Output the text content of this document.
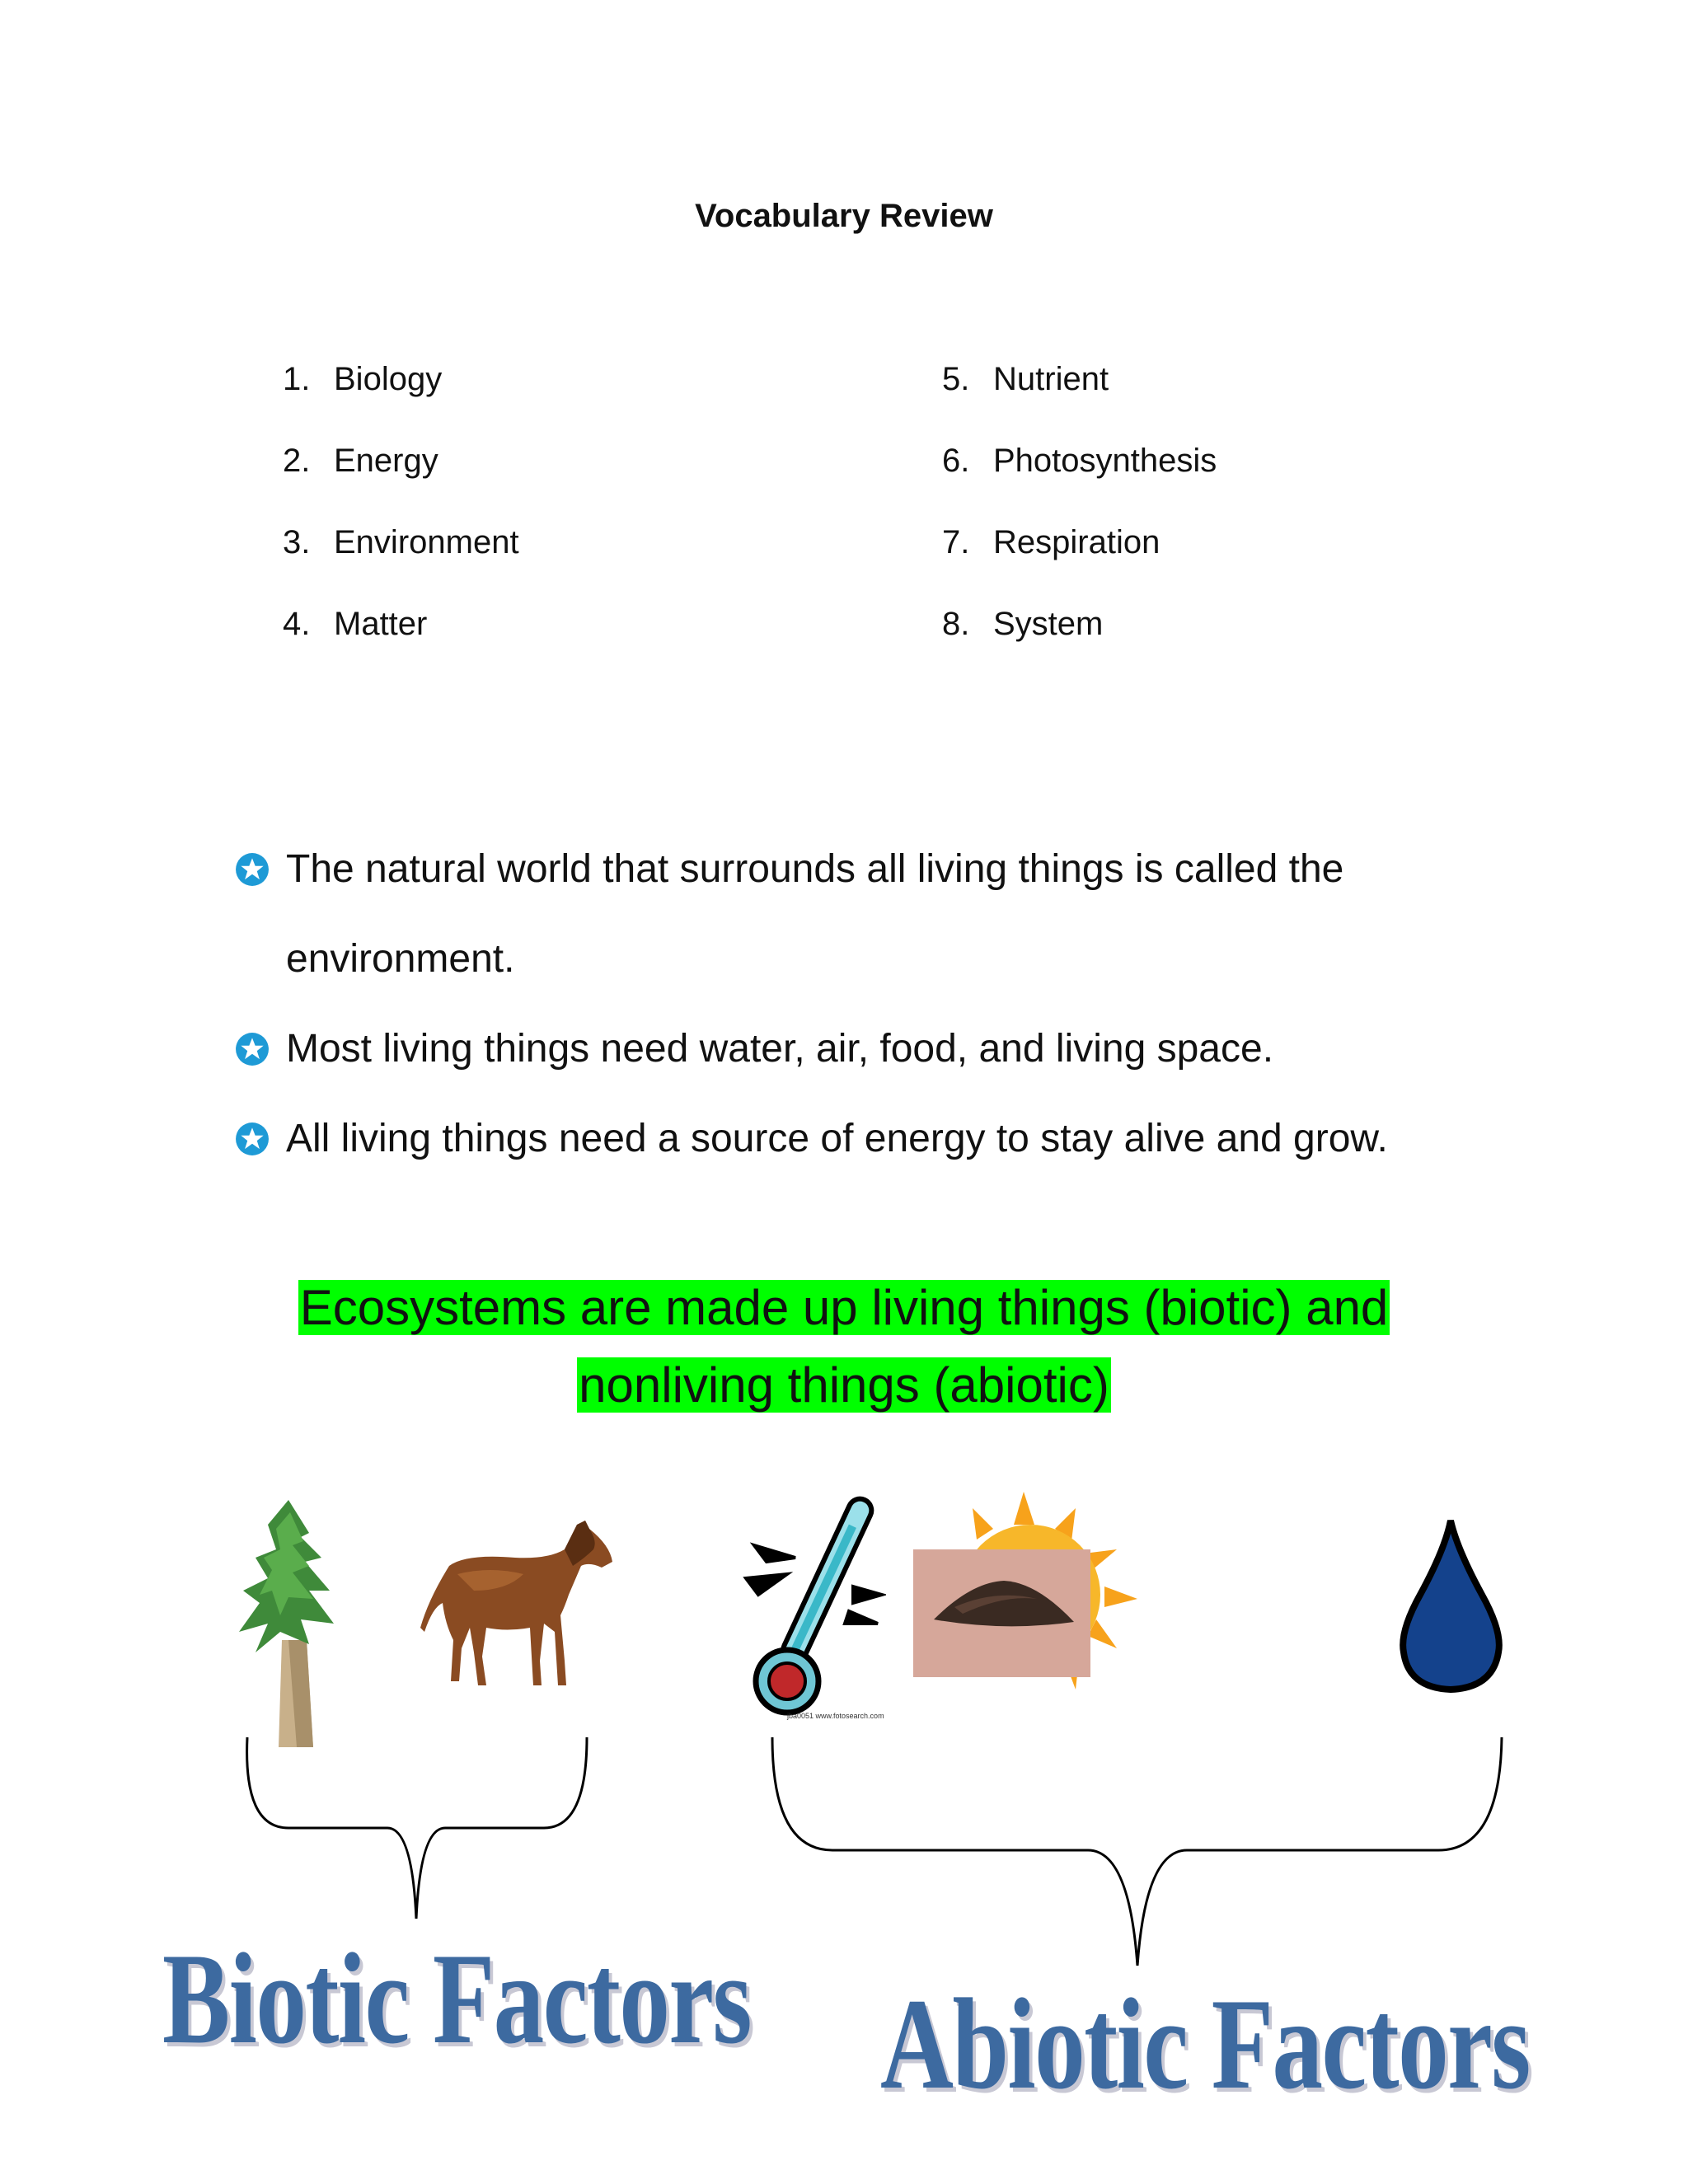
Vocabulary Review
1. Biology
2. Energy
3. Environment
4. Matter
5. Nutrient
6. Photosynthesis
7. Respiration
8. System
The natural world that surrounds all living things is called the environment.
Most living things need water, air, food, and living space.
All living things need a source of energy to stay alive and grow.
Ecosystems are made up living things (biotic) and
nonliving things (abiotic)
jba0051 www.fotosearch.com
Biotic Factors Abiotic Factors
